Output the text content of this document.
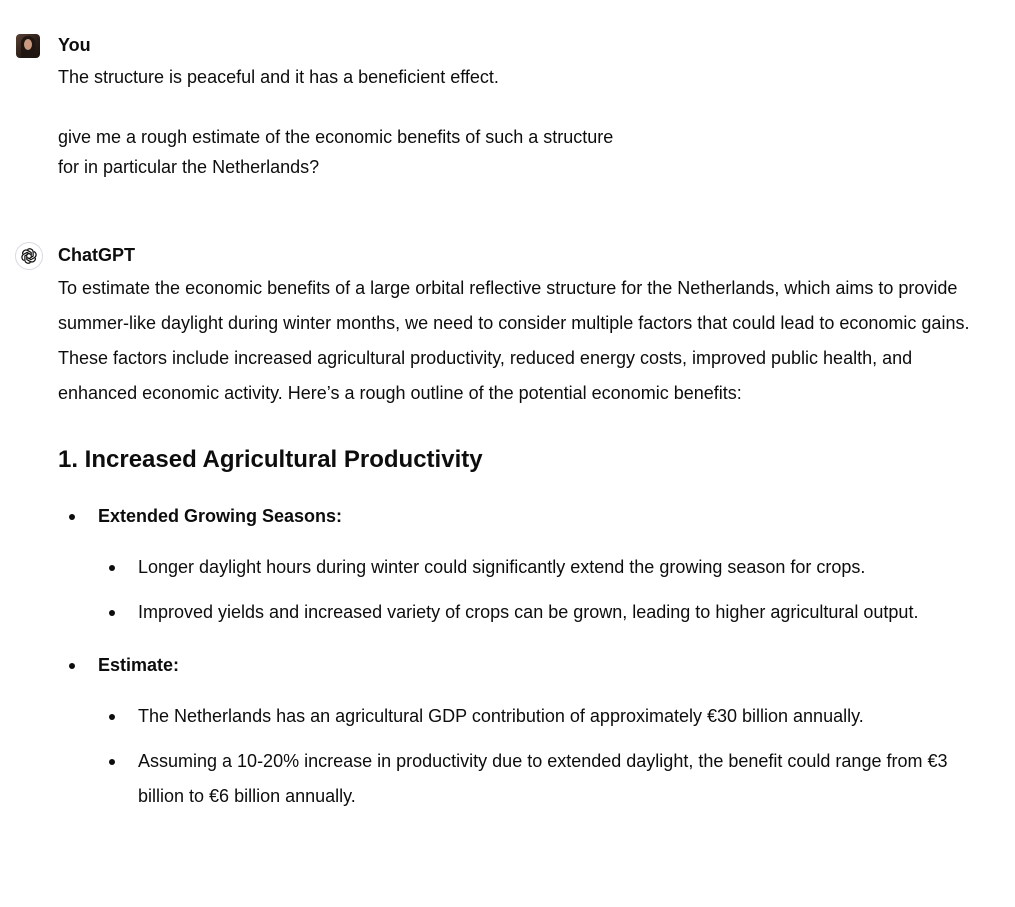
You

The structure is peaceful and it has a beneficient effect.

give me a rough estimate of the economic benefits of such a structure
for in particular the Netherlands?

ChatGPT

To estimate the economic benefits of a large orbital reflective structure for the Netherlands, which aims to provide summer-like daylight during winter months, we need to consider multiple factors that could lead to economic gains. These factors include increased agricultural productivity, reduced energy costs, improved public health, and enhanced economic activity. Here’s a rough outline of the potential economic benefits:

1. Increased Agricultural Productivity
Extended Growing Seasons:
Longer daylight hours during winter could significantly extend the growing season for crops.
Improved yields and increased variety of crops can be grown, leading to higher agricultural output.
Estimate:
The Netherlands has an agricultural GDP contribution of approximately €30 billion annually.
Assuming a 10-20% increase in productivity due to extended daylight, the benefit could range from €3 billion to €6 billion annually.
